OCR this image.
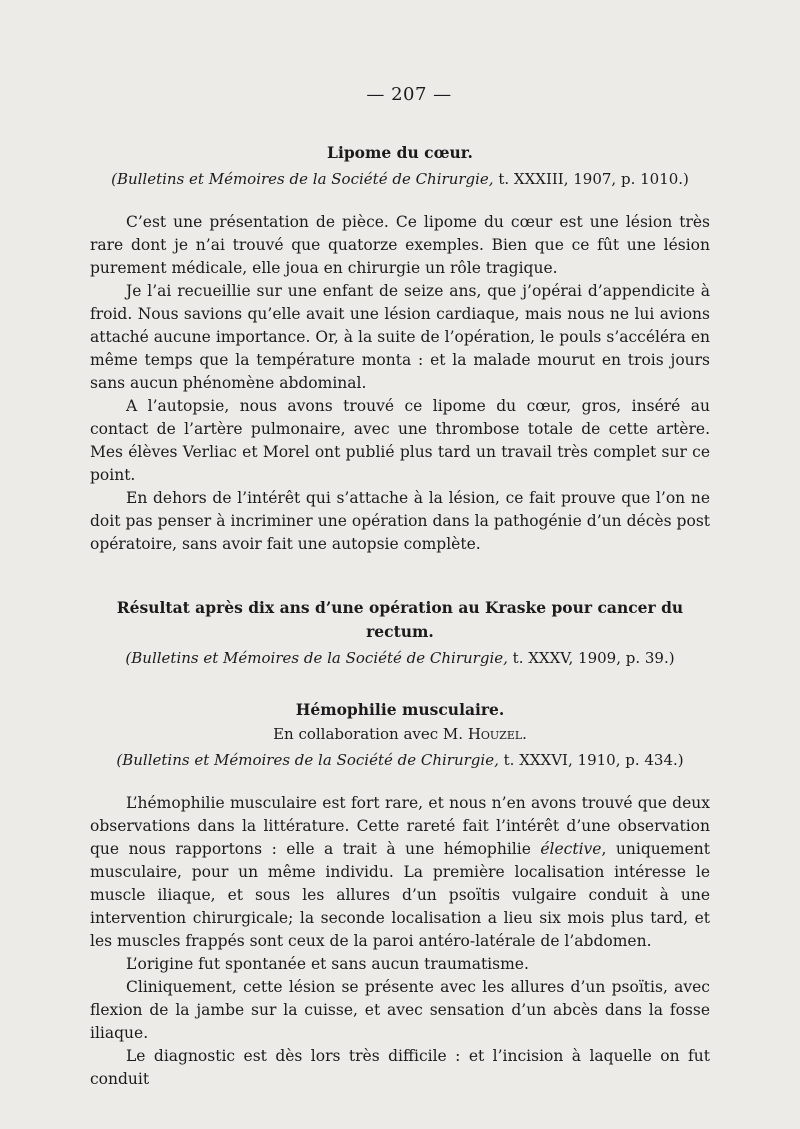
— 207 —

Lipome du cœur.

(Bulletins et Mémoires de la Société de Chirurgie, t. XXXIII, 1907, p. 1010.)

C’est une présentation de pièce. Ce lipome du cœur est une lésion très rare dont je n’ai trouvé que quatorze exemples. Bien que ce fût une lésion purement médicale, elle joua en chirurgie un rôle tragique.

Je l’ai recueillie sur une enfant de seize ans, que j’opérai d’appendicite à froid. Nous savions qu’elle avait une lésion cardiaque, mais nous ne lui avions attaché aucune importance. Or, à la suite de l’opération, le pouls s’accéléra en même temps que la température monta : et la malade mourut en trois jours sans aucun phénomène abdominal.

A l’autopsie, nous avons trouvé ce lipome du cœur, gros, inséré au contact de l’artère pulmonaire, avec une thrombose totale de cette artère. Mes élèves Verliac et Morel ont publié plus tard un travail très complet sur ce point.

En dehors de l’intérêt qui s’attache à la lésion, ce fait prouve que l’on ne doit pas penser à incriminer une opération dans la pathogénie d’un décès post opératoire, sans avoir fait une autopsie complète.

Résultat après dix ans d’une opération au Kraske pour cancer du rectum.

(Bulletins et Mémoires de la Société de Chirurgie, t. XXXV, 1909, p. 39.)

Hémophilie musculaire.

En collaboration avec M. Houzel.

(Bulletins et Mémoires de la Société de Chirurgie, t. XXXVI, 1910, p. 434.)

L’hémophilie musculaire est fort rare, et nous n’en avons trouvé que deux observations dans la littérature. Cette rareté fait l’intérêt d’une observation que nous rapportons : elle a trait à une hémophilie élective, uniquement musculaire, pour un même individu. La première localisation intéresse le muscle iliaque, et sous les allures d’un psoïtis vulgaire conduit à une intervention chirurgicale; la seconde localisation a lieu six mois plus tard, et les muscles frappés sont ceux de la paroi antéro-latérale de l’abdomen.

L’origine fut spontanée et sans aucun traumatisme.

Cliniquement, cette lésion se présente avec les allures d’un psoïtis, avec flexion de la jambe sur la cuisse, et avec sensation d’un abcès dans la fosse iliaque.

Le diagnostic est dès lors très difficile : et l’incision à laquelle on fut conduit
